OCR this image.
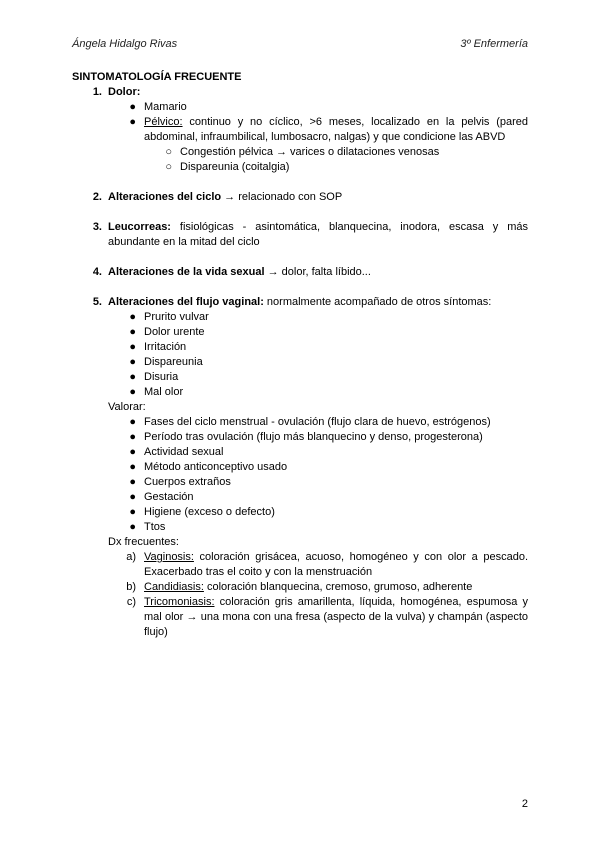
Ángela Hidalgo Rivas	3º Enfermería

SINTOMATOLOGÍA FRECUENTE

1. Dolor:
● Mamario
● Pélvico: continuo y no cíclico, >6 meses, localizado en la pelvis (pared abdominal, infraumbilical, lumbosacro, nalgas) y que condicione las ABVD
○ Congestión pélvica → varices o dilataciones venosas
○ Dispareunia (coitalgia)
2. Alteraciones del ciclo → relacionado con SOP
3. Leucorreas: fisiológicas - asintomática, blanquecina, inodora, escasa y más abundante en la mitad del ciclo
4. Alteraciones de la vida sexual → dolor, falta líbido...
5. Alteraciones del flujo vaginal: normalmente acompañado de otros síntomas:
● Prurito vulvar
● Dolor urente
● Irritación
● Dispareunia
● Disuria
● Mal olor
Valorar:
● Fases del ciclo menstrual - ovulación (flujo clara de huevo, estrógenos)
● Período tras ovulación (flujo más blanquecino y denso, progesterona)
● Actividad sexual
● Método anticonceptivo usado
● Cuerpos extraños
● Gestación
● Higiene (exceso o defecto)
● Ttos
Dx frecuentes:
a) Vaginosis: coloración grisácea, acuoso, homogéneo y con olor a pescado. Exacerbado tras el coito y con la menstruación
b) Candidiasis: coloración blanquecina, cremoso, grumoso, adherente
c) Tricomoniasis: coloración gris amarillenta, líquida, homogénea, espumosa y mal olor → una mona con una fresa (aspecto de la vulva) y champán (aspecto flujo)
2
